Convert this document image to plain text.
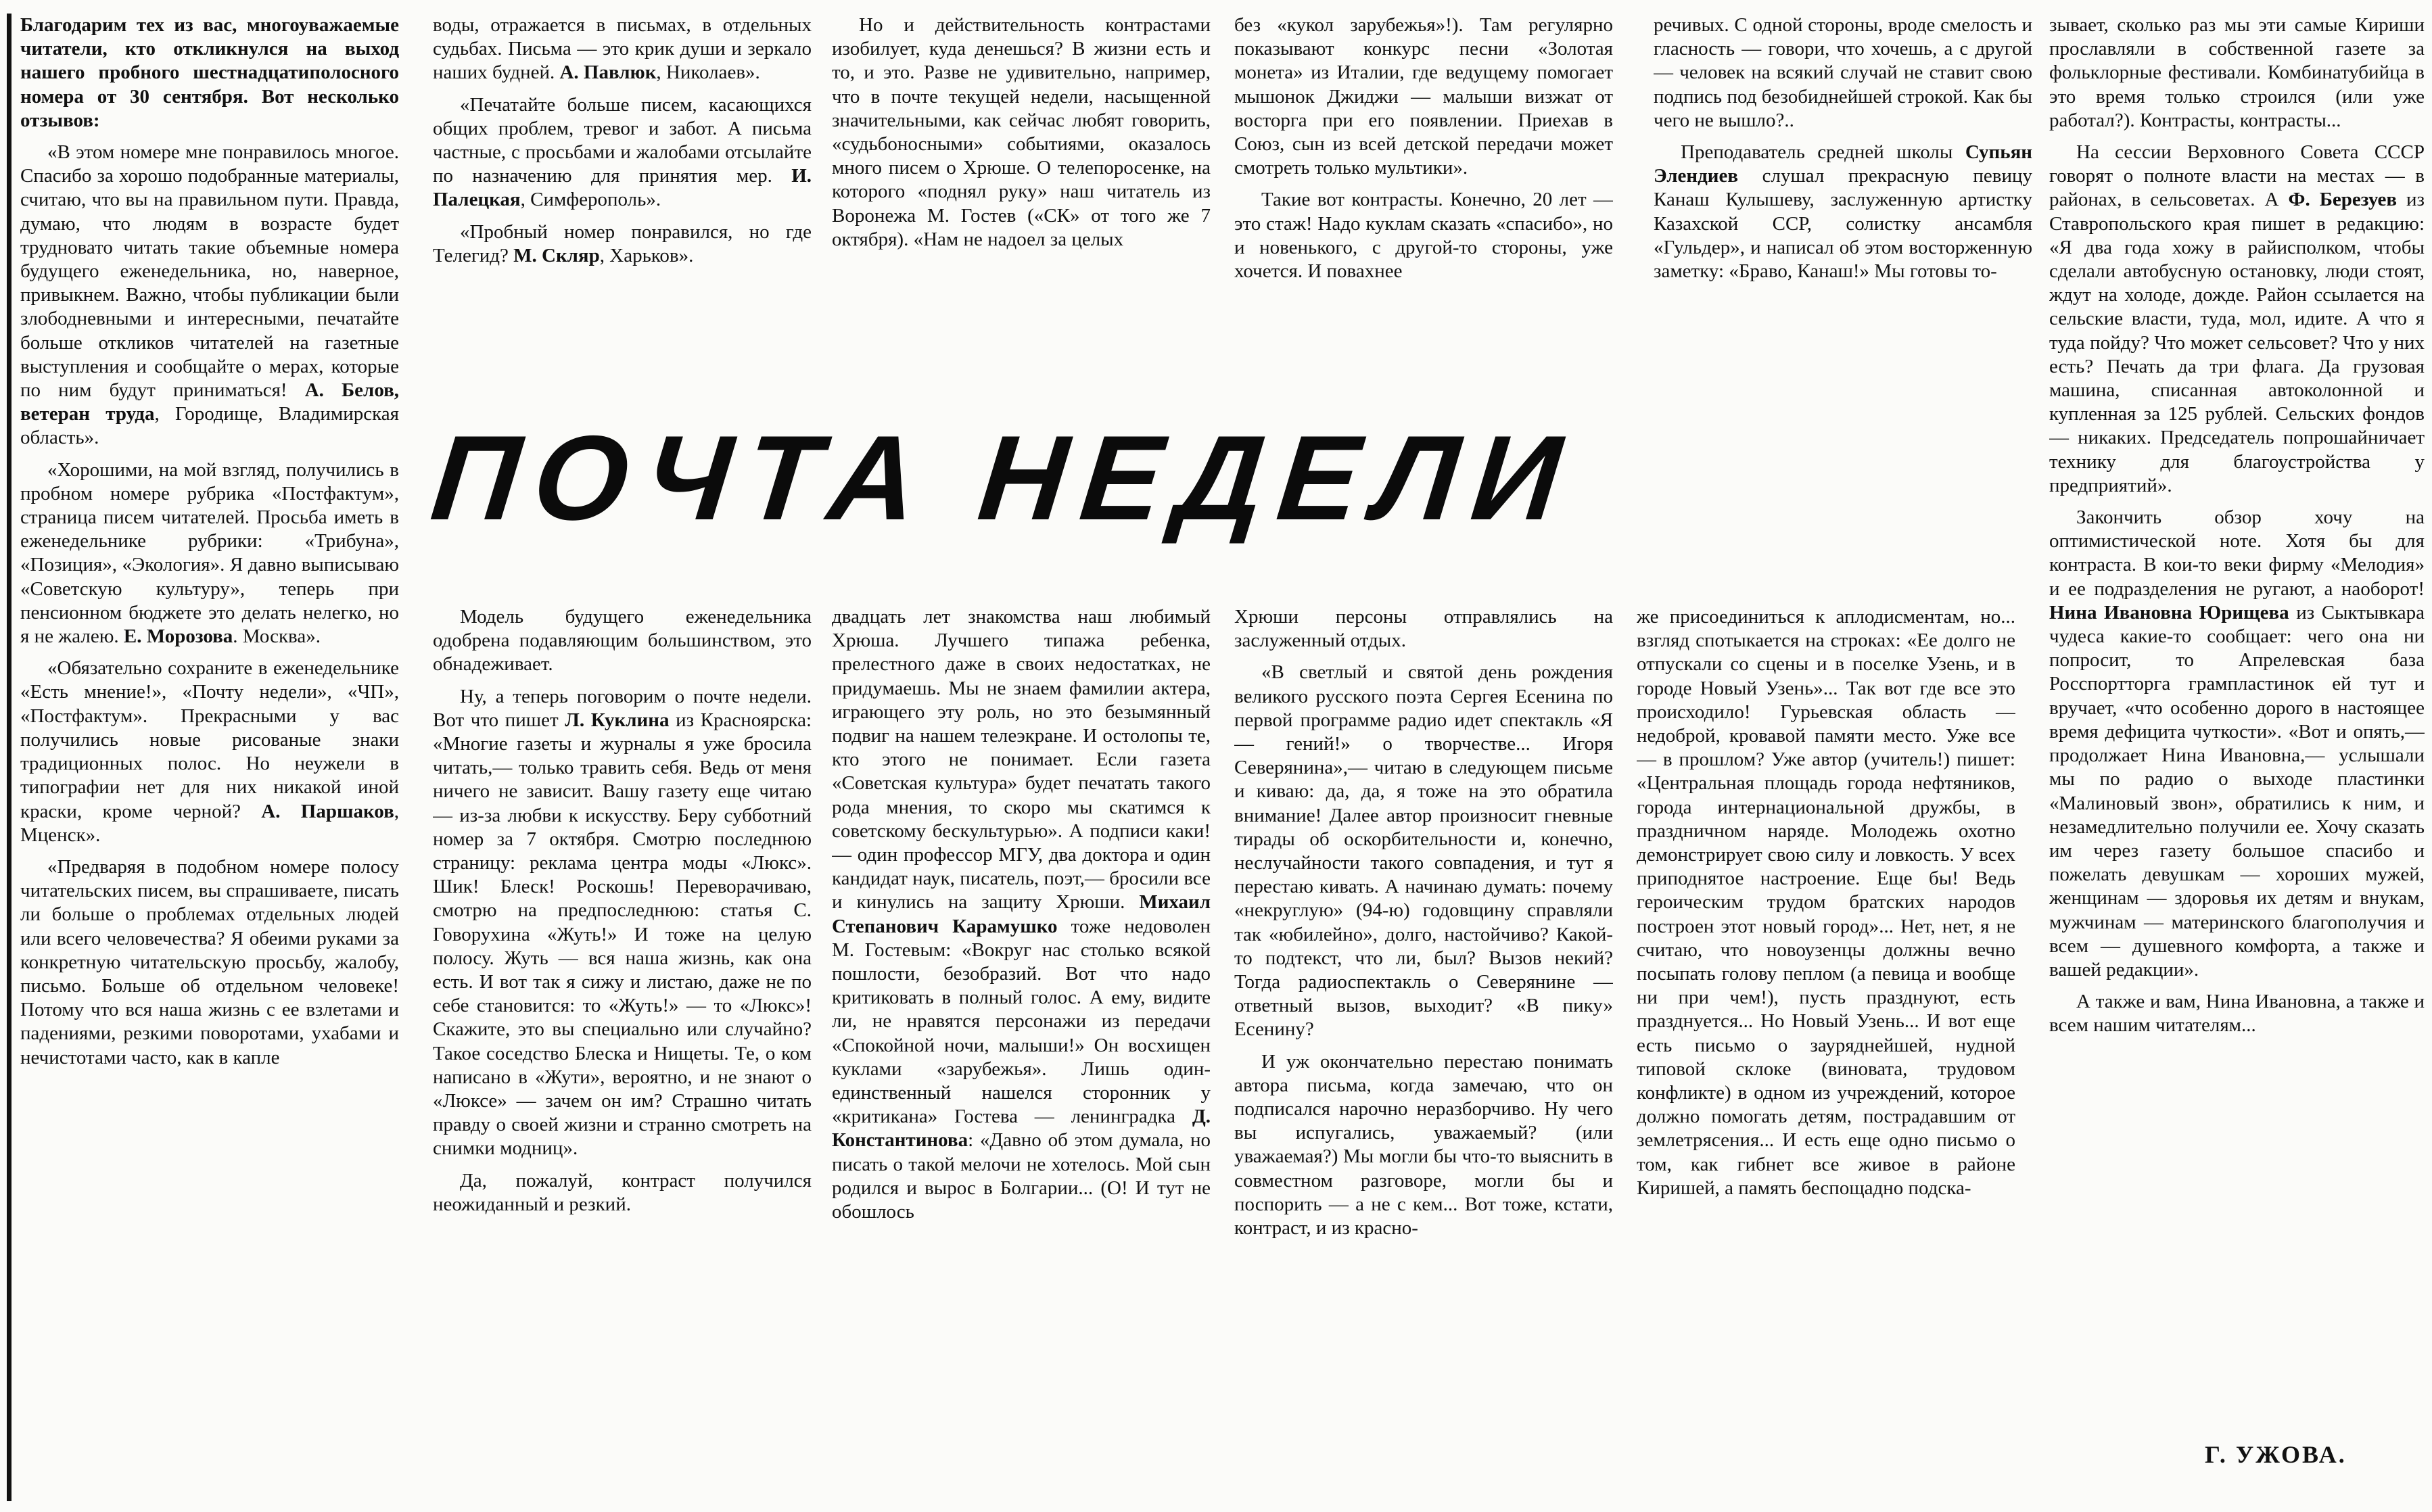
Благодарим тех из вас, многоуважаемые читатели, кто откликнулся на выход нашего пробного шестнадцатиполосного номера от 30 сентября. Вот несколько отзывов:

«В этом номере мне понравилось многое. Спасибо за хорошо подобранные материалы, считаю, что вы на правильном пути. Правда, думаю, что людям в возрасте будет трудновато читать такие объемные номера будущего еженедельника, но, наверное, привыкнем. Важно, чтобы публикации были злободневными и интересными, печатайте больше откликов читателей на газетные выступления и сообщайте о мерах, которые по ним будут приниматься! А. Белов, ветеран труда, Городище, Владимирская область».

«Хорошими, на мой взгляд, получились в пробном номере рубрика «Постфактум», страница писем читателей. Просьба иметь в еженедельнике рубрики: «Трибуна», «Позиция», «Экология». Я давно выписываю «Советскую культуру», теперь при пенсионном бюджете это делать нелегко, но я не жалею. Е. Морозова. Москва».

«Обязательно сохраните в еженедельнике «Есть мнение!», «Почту недели», «ЧП», «Постфактум». Прекрасными у вас получились новые рисованые знаки традиционных полос. Но неужели в типографии нет для них никакой иной краски, кроме черной? А. Паршаков, Мценск».

«Предваряя в подобном номере полосу читательских писем, вы спрашиваете, писать ли больше о проблемах отдельных людей или всего человечества? Я обеими руками за конкретную читательскую просьбу, жалобу, письмо. Больше об отдельном человеке! Потому что вся наша жизнь с ее взлетами и падениями, резкими поворотами, ухабами и нечистотами часто, как в капле

воды, отражается в письмах, в отдельных судьбах. Письма — это крик души и зеркало наших будней. А. Павлюк, Николаев».

«Печатайте больше писем, касающихся общих проблем, тревог и забот. А письма частные, с просьбами и жалобами отсылайте по назначению для принятия мер. И. Палецкая, Симферополь».

«Пробный номер понравился, но где Телегид? М. Скляр, Харьков».

Но и действительность контрастами изобилует, куда денешься? В жизни есть и то, и это. Разве не удивительно, например, что в почте текущей недели, насыщенной значительными, как сейчас любят говорить, «судьбоносными» событиями, оказалось много писем о Хрюше. О телепоросенке, на которого «поднял руку» наш читатель из Воронежа М. Гостев («СК» от того же 7 октября). «Нам не надоел за целых

без «кукол зарубежья»!). Там регулярно показывают конкурс песни «Золотая монета» из Италии, где ведущему помогает мышонок Джиджи — малыши визжат от восторга при его появлении. Приехав в Союз, сын из всей детской передачи может смотреть только мультики».

Такие вот контрасты. Конечно, 20 лет — это стаж! Надо куклам сказать «спасибо», но и новенького, с другой-то стороны, уже хочется. И повахнее

речивых. С одной стороны, вроде смелость и гласность — говори, что хочешь, а с другой — человек на всякий случай не ставит свою подпись под безобиднейшей строкой. Как бы чего не вышло?..

Преподаватель средней школы Супьян Элендиев слушал прекрасную певицу Канаш Кулышеву, заслуженную артистку Казахской ССР, солистку ансамбля «Гульдер», и написал об этом восторженную заметку: «Браво, Канаш!» Мы готовы то-

зывает, сколько раз мы эти самые Кириши прославляли в собственной газете за фольклорные фестивали. Комбинатубийца в это время только строился (или уже работал?). Контрасты, контрасты...

На сессии Верховного Совета СССР говорят о полноте власти на местах — в районах, в сельсоветах. А Ф. Березуев из Ставропольского края пишет в редакцию: «Я два года хожу в райисполком, чтобы сделали автобусную остановку, люди стоят, ждут на холоде, дожде. Район ссылается на сельские власти, туда, мол, идите. А что я туда пойду? Что может сельсовет? Что у них есть? Печать да три флага. Да грузовая машина, списанная автоколонной и купленная за 125 рублей. Сельских фондов — никаких. Председатель попрошайничает технику для благоустройства у предприятий».

Закончить обзор хочу на оптимистической ноте. Хотя бы для контраста. В кои-то веки фирму «Мелодия» и ее подразделения не ругают, а наоборот! Нина Ивановна Юрищева из Сыктывкара чудеса какие-то сообщает: чего она ни попросит, то Апрелевская база Росспорттоpга грампластинок ей тут и вручает, «что особенно дорого в настоящее время дефицита чуткости». «Вот и опять,— продолжает Нина Ивановна,— услышали мы по радио о выходе пластинки «Малиновый звон», обратились к ним, и незамедлительно получили ее. Хочу сказать им через газету большое спасибо и пожелать девушкам — хороших мужей, женщинам — здоровья их детям и внукам, мужчинам — материнского благополучия и всем — душевного комфорта, а также и вашей редакции».

А также и вам, Нина Ивановна, а также и всем нашим читателям...

ПОЧТА НЕДЕЛИ

Модель будущего еженедельника одобрена подавляющим большинством, это обнадеживает.

Ну, а теперь поговорим о почте недели. Вот что пишет Л. Куклина из Красноярска: «Многие газеты и журналы я уже бросила читать,— только травить себя. Ведь от меня ничего не зависит. Вашу газету еще читаю — из-за любви к искусству. Беру субботний номер за 7 октября. Смотрю последнюю страницу: реклама центра моды «Люкс». Шик! Блеск! Роскошь! Переворачиваю, смотрю на предпоследнюю: статья С. Говорухина «Жуть!» И тоже на целую полосу. Жуть — вся наша жизнь, как она есть. И вот так я сижу и листаю, даже не по себе становится: то «Жуть!» — то «Люкс»! Скажите, это вы специально или случайно? Такое соседство Блеска и Нищеты. Те, о ком написано в «Жути», вероятно, и не знают о «Люксе» — зачем он им? Страшно читать правду о своей жизни и странно смотреть на снимки модниц».

Да, пожалуй, контраст получился неожиданный и резкий.

двадцать лет знакомства наш любимый Хрюша. Лучшего типажа ребенка, прелестного даже в своих недостатках, не придумаешь. Мы не знаем фамилии актера, играющего эту роль, но это безымянный подвиг на нашем телеэкране. И остолопы те, кто этого не понимает. Если газета «Советская культура» будет печатать такого рода мнения, то скоро мы скатимся к советскому бескультурью». А подписи каки! — один профессор МГУ, два доктора и один кандидат наук, писатель, поэт,— бросили все и кинулись на защиту Хрюши. Михаил Степанович Карамушко тоже недоволен М. Гостевым: «Вокруг нас столько всякой пошлости, безобразий. Вот что надо критиковать в полный голос. А ему, видите ли, не нравятся персонажи из передачи «Спокойной ночи, малыши!» Он восхищен куклами «зарубежья». Лишь один-единственный нашелся сторонник у «критикана» Гостева — ленинградка Д. Константинова: «Давно об этом думала, но писать о такой мелочи не хотелось. Мой сын родился и вырос в Болгарии... (О! И тут не обошлось

Хрюши персоны отправлялись на заслуженный отдых.

«В светлый и святой день рождения великого русского поэта Сергея Есенина по первой программе радио идет спектакль «Я — гений!» о творчестве... Игоря Северянина»,— читаю в следующем письме и киваю: да, да, я тоже на это обратила внимание! Далее автор произносит гневные тирады об оскорбительности и, конечно, неслучайности такого совпадения, и тут я перестаю кивать. А начинаю думать: почему «некруглую» (94-ю) годовщину справляли так «юбилейно», долго, настойчиво? Какой-то подтекст, что ли, был? Вызов некий? Тогда радиоспектакль о Северянине — ответный вызов, выходит? «В пику» Есенину?

И уж окончательно перестаю понимать автора письма, когда замечаю, что он подписался нарочно неразборчиво. Ну чего вы испугались, уважаемый? (или уважаемая?) Мы могли бы что-то выяснить в совместном разговоре, могли бы и поспорить — а не с кем... Вот тоже, кстати, контраст, и из красно-

же присоединиться к аплодисментам, но... взгляд спотыкается на строках: «Ее долго не отпускали со сцены и в поселке Узень, и в городе Новый Узень»... Так вот где все это происходило! Гурьевская область — недоброй, кровавой памяти место. Уже все — в прошлом? Уже автор (учитель!) пишет: «Центральная площадь города нефтяников, города интернациональной дружбы, в праздничном наряде. Молодежь охотно демонстрирует свою силу и ловкость. У всех приподнятое настроение. Еще бы! Ведь героическим трудом братских народов построен этот новый город»... Нет, нет, я не считаю, что новоузенцы должны вечно посыпать голову пеплом (а певица и вообще ни при чем!), пусть празднуют, есть празднуется... Но Новый Узень... И вот еще есть письмо о зауряднейшей, нудной типовой склоке (виновата, трудовом конфликте) в одном из учреждений, которое должно помогать детям, пострадавшим от землетрясения... И есть еще одно письмо о том, как гибнет все живое в районе Киришей, а память беспощадно подска-

Г. УЖОВА.
